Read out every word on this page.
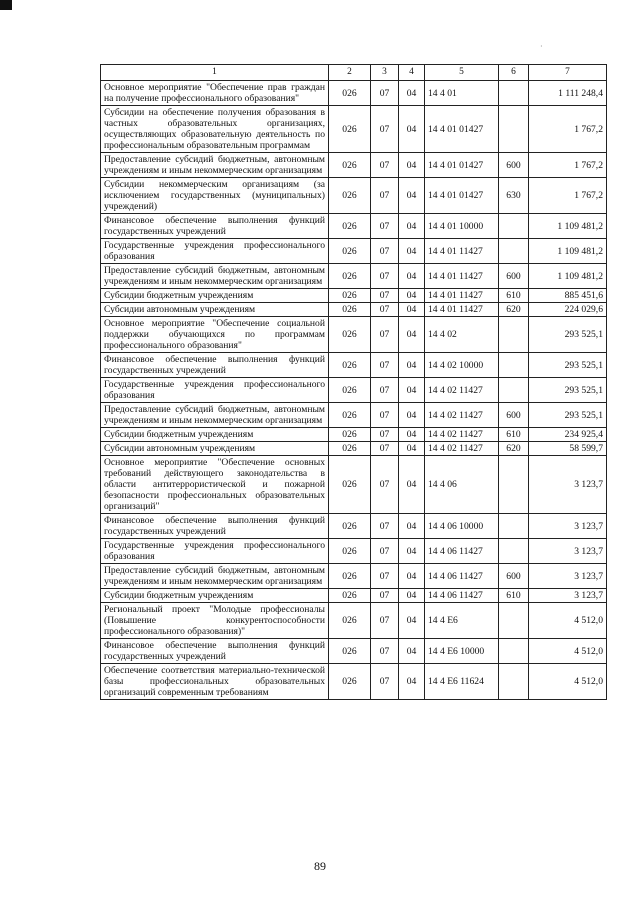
·
1	2	3	4	5	6	7
Основное мероприятие "Обеспечение прав граждан на получение профессионального образования"	026	07	04	14 4 01		1 111 248,4
Субсидии на обеспечение получения образования в частных образовательных организациях, осуществляющих образовательную деятельность по профессиональным образовательным программам	026	07	04	14 4 01 01427		1 767,2
Предоставление субсидий бюджетным, автономным учреждениям и иным некоммерческим организациям	026	07	04	14 4 01 01427	600	1 767,2
Субсидии некоммерческим организациям (за исключением государственных (муниципальных) учреждений)	026	07	04	14 4 01 01427	630	1 767,2
Финансовое обеспечение выполнения функций государственных учреждений	026	07	04	14 4 01 10000		1 109 481,2
Государственные учреждения профессионального образования	026	07	04	14 4 01 11427		1 109 481,2
Предоставление субсидий бюджетным, автономным учреждениям и иным некоммерческим организациям	026	07	04	14 4 01 11427	600	1 109 481,2
Субсидии бюджетным учреждениям	026	07	04	14 4 01 11427	610	885 451,6
Субсидии автономным учреждениям	026	07	04	14 4 01 11427	620	224 029,6
Основное мероприятие "Обеспечение социальной поддержки обучающихся по программам профессионального образования"	026	07	04	14 4 02		293 525,1
Финансовое обеспечение выполнения функций государственных учреждений	026	07	04	14 4 02 10000		293 525,1
Государственные учреждения профессионального образования	026	07	04	14 4 02 11427		293 525,1
Предоставление субсидий бюджетным, автономным учреждениям и иным некоммерческим организациям	026	07	04	14 4 02 11427	600	293 525,1
Субсидии бюджетным учреждениям	026	07	04	14 4 02 11427	610	234 925,4
Субсидии автономным учреждениям	026	07	04	14 4 02 11427	620	58 599,7
Основное мероприятие "Обеспечение основных требований действующего законодательства в области антитеррористической и пожарной безопасности профессиональных образовательных организаций"	026	07	04	14 4 06		3 123,7
Финансовое обеспечение выполнения функций государственных учреждений	026	07	04	14 4 06 10000		3 123,7
Государственные учреждения профессионального образования	026	07	04	14 4 06 11427		3 123,7
Предоставление субсидий бюджетным, автономным учреждениям и иным некоммерческим организациям	026	07	04	14 4 06 11427	600	3 123,7
Субсидии бюджетным учреждениям	026	07	04	14 4 06 11427	610	3 123,7
Региональный проект "Молодые профессионалы (Повышение конкурентоспособности профессионального образования)"	026	07	04	14 4 E6		4 512,0
Финансовое обеспечение выполнения функций государственных учреждений	026	07	04	14 4 E6 10000		4 512,0
Обеспечение соответствия материально-технической базы профессиональных образовательных организаций современным требованиям	026	07	04	14 4 E6 11624		4 512,0
89
